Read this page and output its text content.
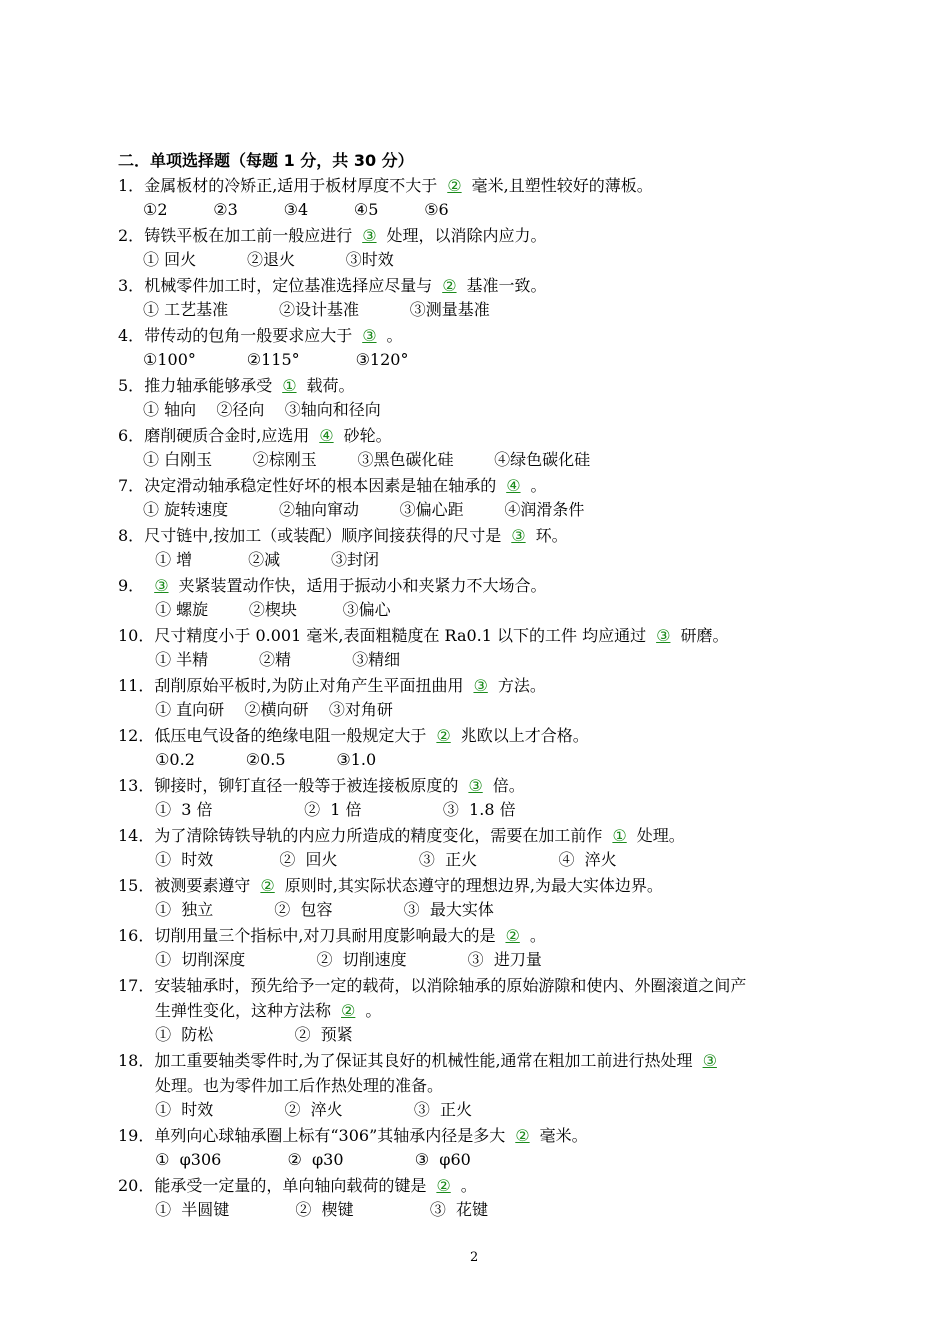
二．单项选择题（每题 1 分，共 30 分）
1．金属板材的冷矫正,适用于板材厚度不大于 ② 毫米,且塑性较好的薄板。
①2         ②3         ③4         ④5         ⑤6
2．铸铁平板在加工前一般应进行 ③ 处理，以消除内应力。
① 回火          ②退火          ③时效
3．机械零件加工时，定位基准选择应尽量与 ② 基准一致。
① 工艺基准          ②设计基准          ③测量基准
4．带传动的包角一般要求应大于 ③ 。
①100°          ②115°           ③120°
5．推力轴承能够承受 ① 载荷。
① 轴向    ②径向    ③轴向和径向
6．磨削硬质合金时,应选用 ④ 砂轮。
① 白刚玉        ②棕刚玉        ③黑色碳化硅        ④绿色碳化硅
7．决定滑动轴承稳定性好坏的根本因素是轴在轴承的 ④ 。
① 旋转速度          ②轴向窜动        ③偏心距        ④润滑条件
8．尺寸链中,按加工（或装配）顺序间接获得的尺寸是 ③ 环。
① 增           ②减          ③封闭
9． ③ 夹紧装置动作快，适用于振动小和夹紧力不大场合。
① 螺旋        ②楔块         ③偏心
10．尺寸精度小于 0.001 毫米,表面粗糙度在 Ra0.1 以下的工件 均应通过 ③ 研磨。
① 半精          ②精            ③精细
11．刮削原始平板时,为防止对角产生平面扭曲用 ③ 方法。
① 直向研    ②横向研    ③对角研
12．低压电气设备的绝缘电阻一般规定大于 ② 兆欧以上才合格。
①0.2          ②0.5          ③1.0
13．铆接时，铆钉直径一般等于被连接板原度的 ③ 倍。
①  3 倍                  ②  1 倍                ③  1.8 倍
14．为了清除铸铁导轨的内应力所造成的精度变化，需要在加工前作 ① 处理。
①  时效             ②  回火                ③  正火                ④  淬火
15．被测要素遵守 ② 原则时,其实际状态遵守的理想边界,为最大实体边界。
①  独立            ②  包容              ③  最大实体
16．切削用量三个指标中,对刀具耐用度影响最大的是 ② 。
①  切削深度              ②  切削速度            ③  进刀量
17．安装轴承时，预先给予一定的载荷，以消除轴承的原始游隙和使内、外圈滚道之间产
生弹性变化，这种方法称 ② 。
①  防松                ②  预紧
18．加工重要轴类零件时,为了保证其良好的机械性能,通常在粗加工前进行热处理 ③
处理。也为零件加工后作热处理的准备。
①  时效              ②  淬火              ③  正火
19．单列向心球轴承圈上标有“306”其轴承内径是多大 ② 毫米。
①  φ306             ②  φ30              ③  φ60
20．能承受一定量的，单向轴向载荷的键是 ② 。
①  半圆键             ②  楔键               ③  花键
2
